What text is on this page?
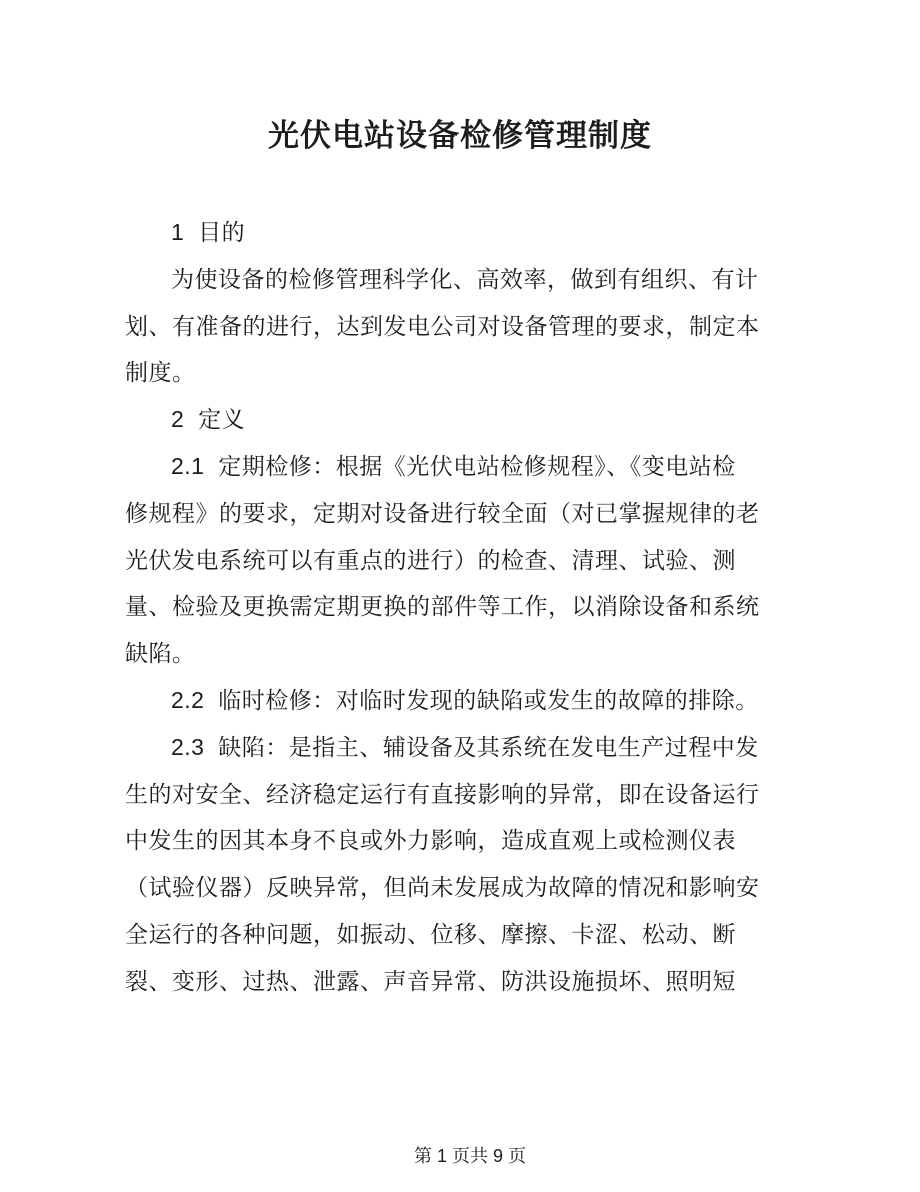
光伏电站设备检修管理制度
1  目的
为使设备的检修管理科学化、高效率，做到有组织、有计
划、有准备的进行，达到发电公司对设备管理的要求，制定本
制度。
2  定义
2.1  定期检修：根据《光伏电站检修规程》、《变电站检
修规程》的要求，定期对设备进行较全面（对已掌握规律的老
光伏发电系统可以有重点的进行）的检查、清理、试验、测
量、检验及更换需定期更换的部件等工作，以消除设备和系统
缺陷。
2.2  临时检修：对临时发现的缺陷或发生的故障的排除。
2.3  缺陷：是指主、辅设备及其系统在发电生产过程中发
生的对安全、经济稳定运行有直接影响的异常，即在设备运行
中发生的因其本身不良或外力影响，造成直观上或检测仪表
（试验仪器）反映异常，但尚未发展成为故障的情况和影响安
全运行的各种问题，如振动、位移、摩擦、卡涩、松动、断
裂、变形、过热、泄露、声音异常、防洪设施损坏、照明短

第 1 页共 9 页
